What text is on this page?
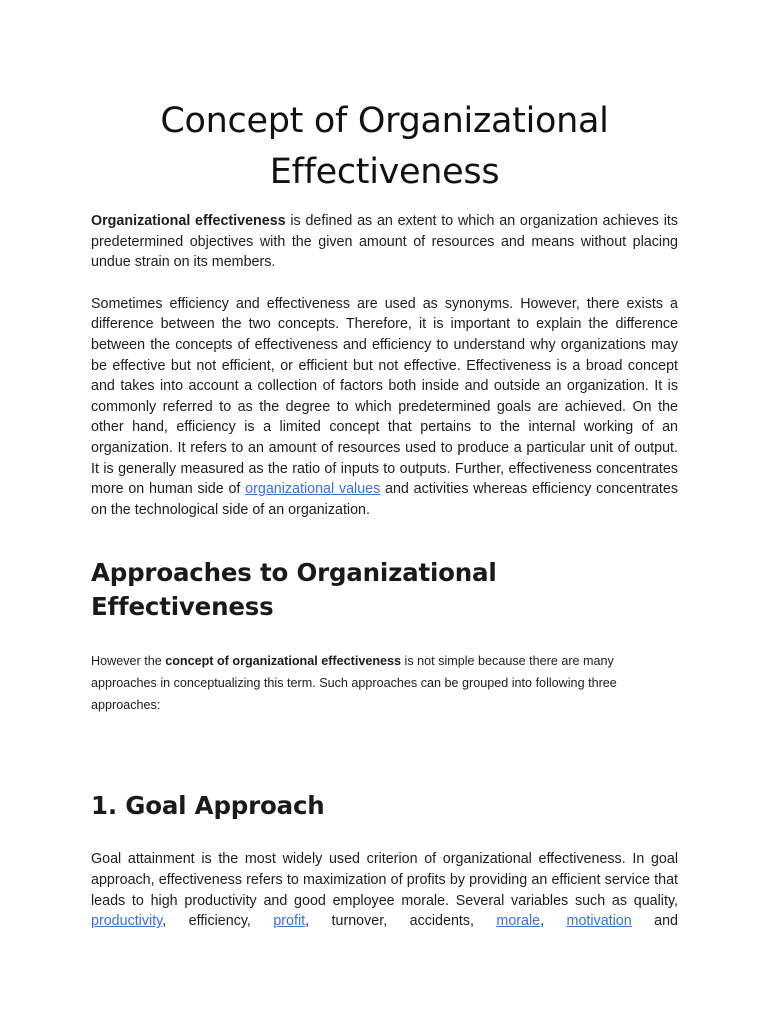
Concept of Organizational Effectiveness

Organizational effectiveness is defined as an extent to which an organization achieves its predetermined objectives with the given amount of resources and means without placing undue strain on its members.

Sometimes efficiency and effectiveness are used as synonyms. However, there exists a difference between the two concepts. Therefore, it is important to explain the difference between the concepts of effectiveness and efficiency to understand why organizations may be effective but not efficient, or efficient but not effective. Effectiveness is a broad concept and takes into account a collection of factors both inside and outside an organization. It is commonly referred to as the degree to which predetermined goals are achieved. On the other hand, efficiency is a limited concept that pertains to the internal working of an organization. It refers to an amount of resources used to produce a particular unit of output. It is generally measured as the ratio of inputs to outputs. Further, effectiveness concentrates more on human side of organizational values and activities whereas efficiency concentrates on the technological side of an organization.

Approaches to Organizational Effectiveness

However the concept of organizational effectiveness is not simple because there are many approaches in conceptualizing this term. Such approaches can be grouped into following three approaches:

1. Goal Approach

Goal attainment is the most widely used criterion of organizational effectiveness. In goal approach, effectiveness refers to maximization of profits by providing an efficient service that leads to high productivity and good employee morale. Several variables such as quality, productivity, efficiency, profit, turnover, accidents, morale, motivation and
